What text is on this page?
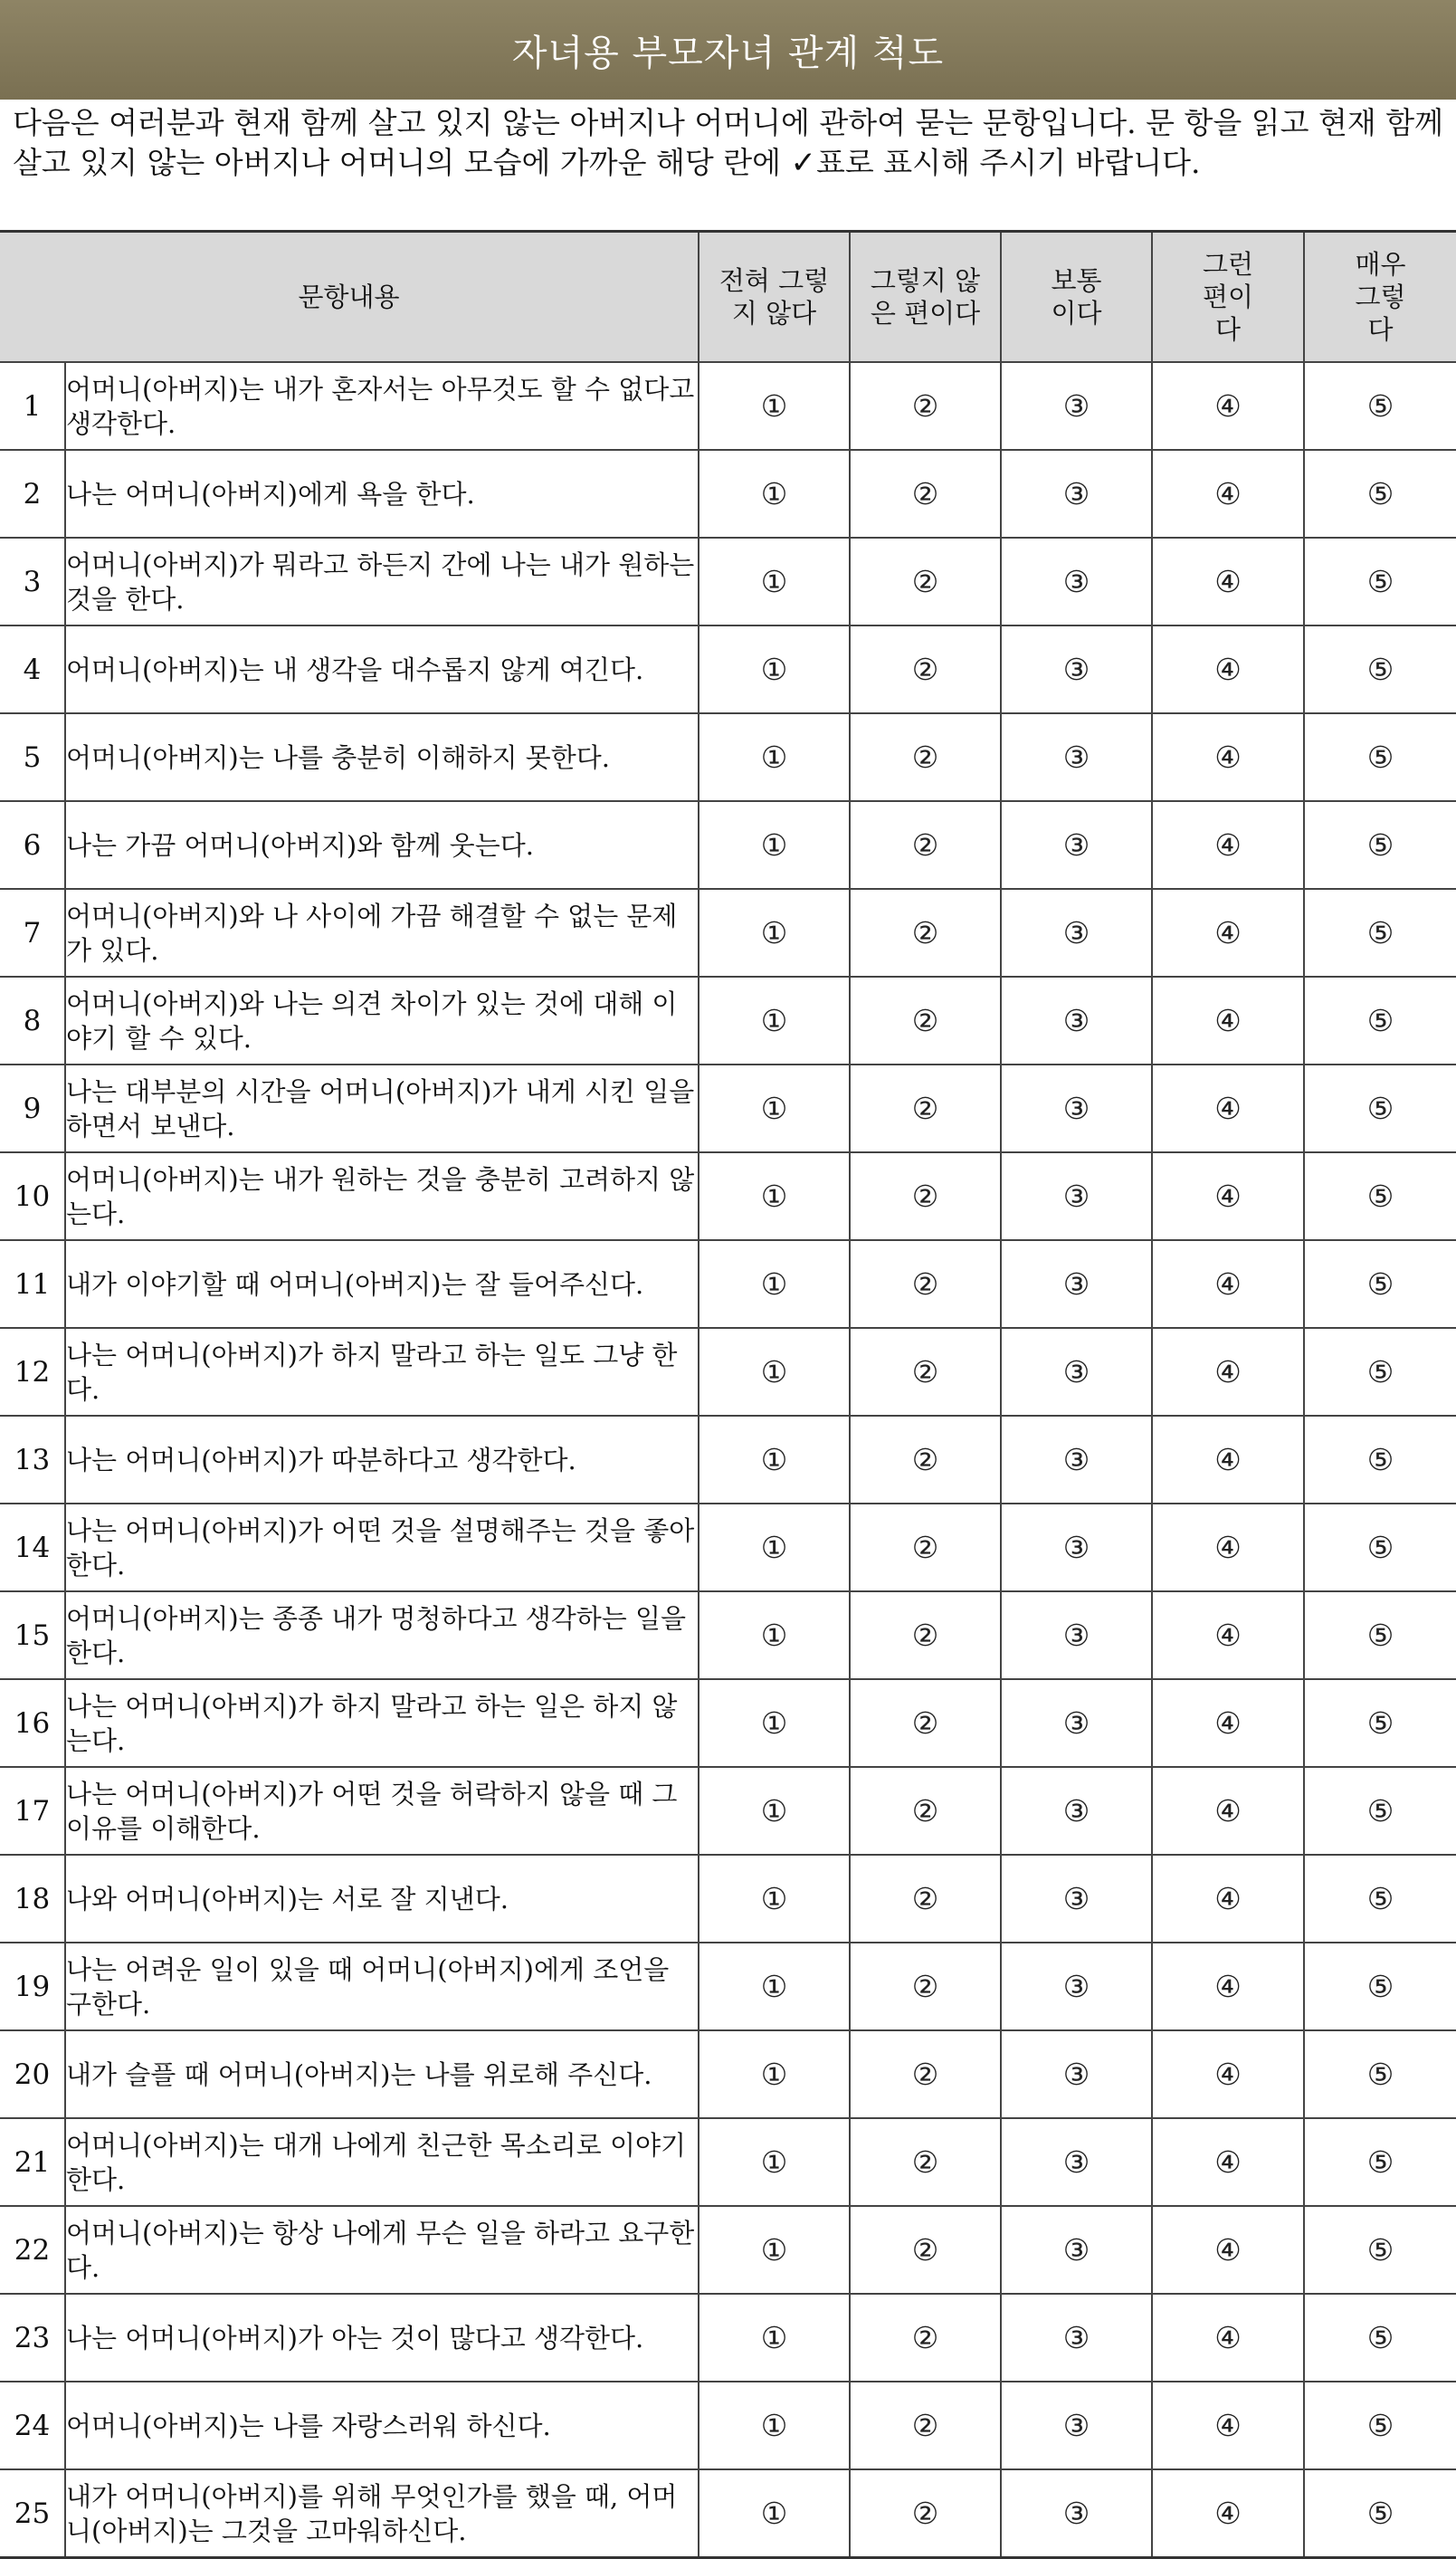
자녀용 부모자녀 관계 척도
다음은 여러분과 현재 함께 살고 있지 않는 아버지나 어머니에 관하여 묻는 문항입니다. 문 항을 읽고 현재 함께 살고 있지 않는 아버지나 어머니의 모습에 가까운 해당 란에 ✓표로 표시해 주시기 바랍니다.
문항내용		전혀 그렇지 않다	그렇지 않은 편이다	보통 이다	그런 편이다	매우 그렇다
1	어머니(아버지)는 내가 혼자서는 아무것도 할 수 없다고 생각한다.	①	②	③	④	⑤
2	나는 어머니(아버지)에게 욕을 한다.	①	②	③	④	⑤
3	어머니(아버지)가 뭐라고 하든지 간에 나는 내가 원하는 것을 한다.	①	②	③	④	⑤
4	어머니(아버지)는 내 생각을 대수롭지 않게 여긴다.	①	②	③	④	⑤
5	어머니(아버지)는 나를 충분히 이해하지 못한다.	①	②	③	④	⑤
6	나는 가끔 어머니(아버지)와 함께 웃는다.	①	②	③	④	⑤
7	어머니(아버지)와 나 사이에 가끔 해결할 수 없는 문제가 있다.	①	②	③	④	⑤
8	어머니(아버지)와 나는 의견 차이가 있는 것에 대해 이야기 할 수 있다.	①	②	③	④	⑤
9	나는 대부분의 시간을 어머니(아버지)가 내게 시킨 일을 하면서 보낸다.	①	②	③	④	⑤
10	어머니(아버지)는 내가 원하는 것을 충분히 고려하지 않는다.	①	②	③	④	⑤
11	내가 이야기할 때 어머니(아버지)는 잘 들어주신다.	①	②	③	④	⑤
12	나는 어머니(아버지)가 하지 말라고 하는 일도 그냥 한다.	①	②	③	④	⑤
13	나는 어머니(아버지)가 따분하다고 생각한다.	①	②	③	④	⑤
14	나는 어머니(아버지)가 어떤 것을 설명해주는 것을 좋아한다.	①	②	③	④	⑤
15	어머니(아버지)는 종종 내가 멍청하다고 생각하는 일을 한다.	①	②	③	④	⑤
16	나는 어머니(아버지)가 하지 말라고 하는 일은 하지 않는다.	①	②	③	④	⑤
17	나는 어머니(아버지)가 어떤 것을 허락하지 않을 때 그 이유를 이해한다.	①	②	③	④	⑤
18	나와 어머니(아버지)는 서로 잘 지낸다.	①	②	③	④	⑤
19	나는 어려운 일이 있을 때 어머니(아버지)에게 조언을 구한다.	①	②	③	④	⑤
20	내가 슬플 때 어머니(아버지)는 나를 위로해 주신다.	①	②	③	④	⑤
21	어머니(아버지)는 대개 나에게 친근한 목소리로 이야기 한다.	①	②	③	④	⑤
22	어머니(아버지)는 항상 나에게 무슨 일을 하라고 요구한다.	①	②	③	④	⑤
23	나는 어머니(아버지)가 아는 것이 많다고 생각한다.	①	②	③	④	⑤
24	어머니(아버지)는 나를 자랑스러워 하신다.	①	②	③	④	⑤
25	내가 어머니(아버지)를 위해 무엇인가를 했을 때, 어머니(아버지)는 그것을 고마워하신다.	①	②	③	④	⑤
